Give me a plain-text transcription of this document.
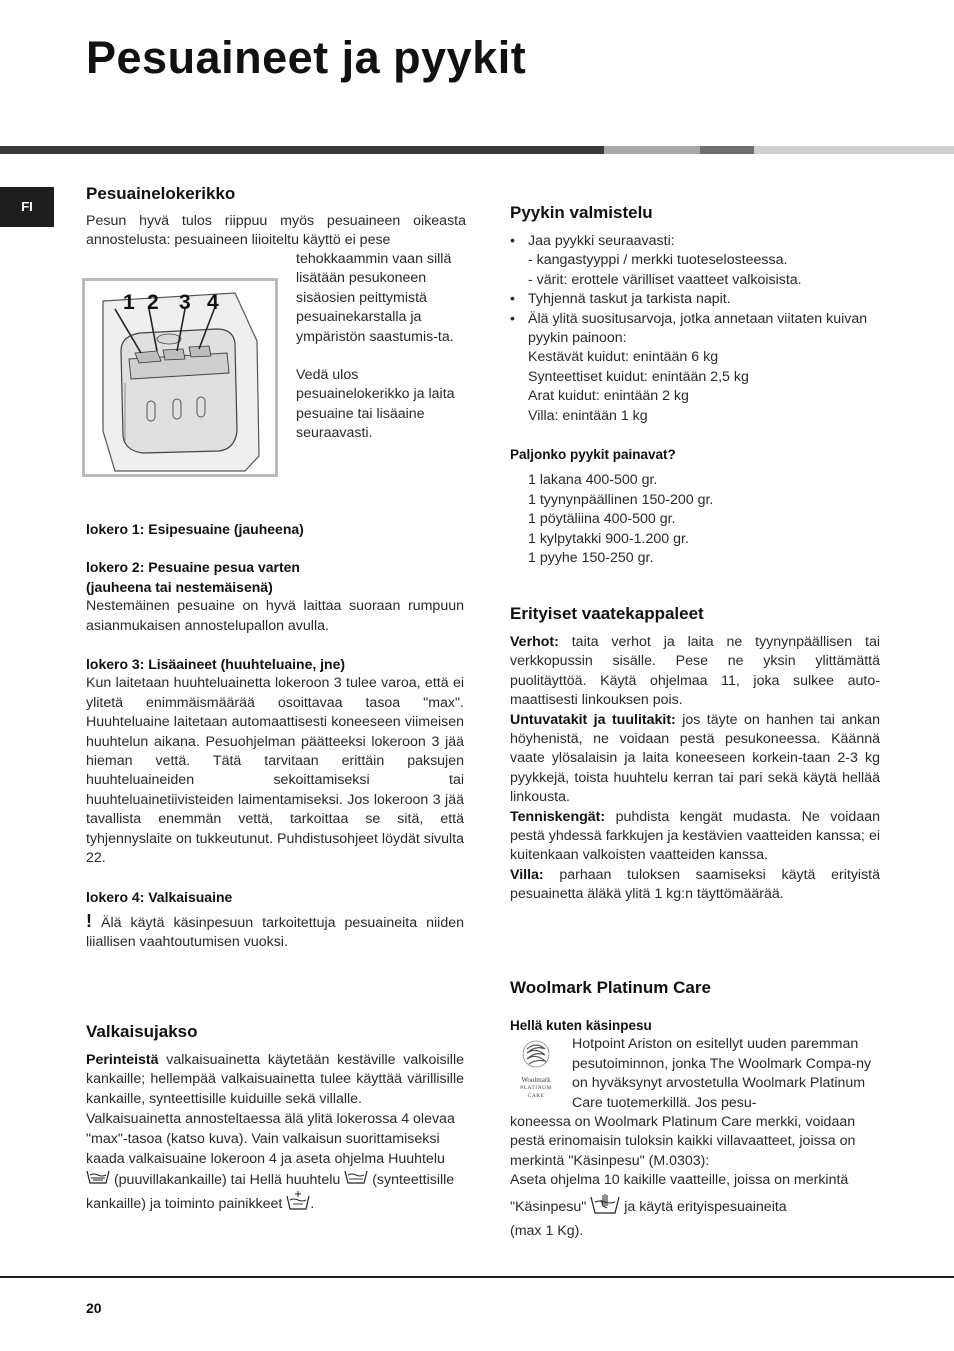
Pesuaineet ja pyykit
FI
Pesuainelokerikko

Pesun hyvä tulos riippuu myös pesuaineen oikeasta annostelusta: pesuaineen liioiteltu käyttö ei pese

1 2 3 4

tehokkaammin vaan sillä lisätään pesukoneen sisäosien peittymistä pesuainekarstalla ja ympäristön saastumis-ta.

Vedä ulos pesuainelokerikko ja laita pesuaine tai lisäaine seuraavasti.

lokero 1: Esipesuaine (jauheena)

lokero 2: Pesuaine pesua varten

(jauheena tai nestemäisenä)

Nestemäinen pesuaine on hyvä laittaa suoraan rumpuun asianmukaisen annostelupallon avulla.

lokero 3: Lisäaineet (huuhteluaine, jne)

Kun laitetaan huuhteluainetta lokeroon 3 tulee varoa, että ei ylitetä enimmäismäärää osoittavaa tasoa "max". Huuhteluaine laitetaan automaattisesti koneeseen viimeisen huuhtelun aikana. Pesuohjelman päätteeksi lokeroon 3 jää hieman vettä. Tätä tarvitaan erittäin paksujen huuhteluaineiden sekoittamiseksi tai huuhteluainetiivisteiden laimentamiseksi. Jos lokeroon 3 jää tavallista enemmän vettä, tarkoittaa se sitä, että tyhjennyslaite on tukkeutunut. Puhdistusohjeet löydät sivulta 22.

lokero 4: Valkaisuaine

! Älä käytä käsinpesuun tarkoitettuja pesuaineita niiden liiallisen vaahtoutumisen vuoksi.

Valkaisujakso

Perinteistä valkaisuainetta käytetään kestäville valkoisille kankaille; hellempää valkaisuainetta tulee käyttää värillisille kankaille, synteettisille kuiduille sekä villalle.

Valkaisuainetta annosteltaessa älä ylitä lokerossa 4 olevaa "max"-tasoa (katso kuva). Vain valkaisun suorittamiseksi kaada valkaisuaine lokeroon 4 ja aseta ohjelma Huuhtelu  (puuvillakankaille) tai Hellä huuhtelu  (synteettisille kankaille) ja toiminto painikkeet .

Pyykin valmistelu
• Jaa pyykki seuraavasti:
- kangastyyppi / merkki tuoteselosteessa.
- värit: erottele värilliset vaatteet valkoisista.
• Tyhjennä taskut ja tarkista napit.
• Älä ylitä suositusarvoja, jotka annetaan viitaten kuivan pyykin painoon:
Kestävät kuidut: enintään 6 kg
Synteettiset kuidut: enintään 2,5 kg
Arat kuidut: enintään 2 kg
Villa: enintään 1 kg

Paljonko pyykit painavat?

1 lakana 400-500 gr.

1 tyynynpäällinen 150-200 gr.

1 pöytäliina 400-500 gr.

1 kylpytakki 900-1.200 gr.

1 pyyhe 150-250 gr.

Erityiset vaatekappaleet

Verhot: taita verhot ja laita ne tyynynpäällisen tai verkkopussin sisälle. Pese ne yksin ylittämättä puolitäyttöä. Käytä ohjelmaa 11, joka sulkee auto-maattisesti linkouksen pois.

Untuvatakit ja tuulitakit: jos täyte on hanhen tai ankan höyhenistä, ne voidaan pestä pesukoneessa. Käännä vaate ylösalaisin ja laita koneeseen korkein-taan 2-3 kg pyykkejä, toista huuhtelu kerran tai pari sekä käytä hellää linkousta.

Tenniskengät: puhdista kengät mudasta. Ne voidaan pestä yhdessä farkkujen ja kestävien vaatteiden kanssa; ei kuitenkaan valkoisten vaatteiden kanssa.

Villa: parhaan tuloksen saamiseksi käytä erityistä pesuainetta äläkä ylitä 1 kg:n täyttömäärää.

Woolmark Platinum Care

Hellä kuten käsinpesu

Woolmark
PLATINUM
CARE

Hotpoint Ariston on esitellyt uuden paremman pesutoiminnon, jonka The Woolmark Compa-ny on hyväksynyt arvostetulla Woolmark Platinum Care tuotemerkillä. Jos pesu-

koneessa on Woolmark Platinum Care merkki, voidaan pestä erinomaisin tuloksin kaikki villavaatteet, joissa on merkintä "Käsinpesu" (M.0303):

Aseta ohjelma 10 kaikille vaatteille, joissa on merkintä

"Käsinpesu"  ja käytä erityispesuaineita

(max 1 Kg).

20
